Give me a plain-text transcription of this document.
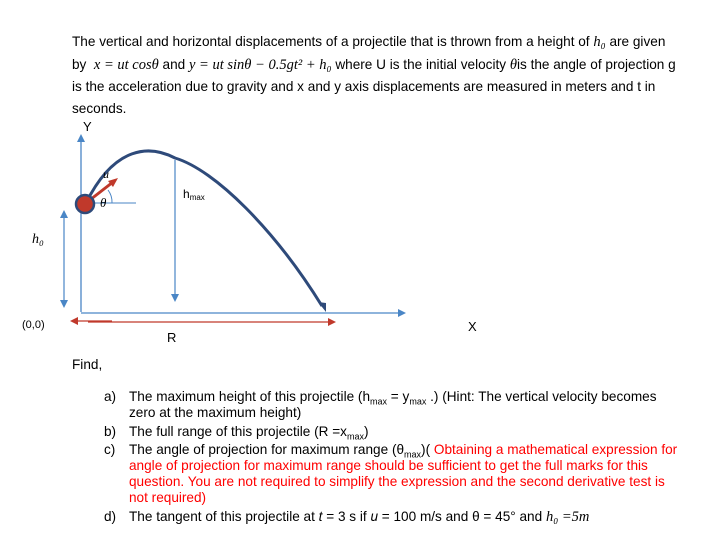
The vertical and horizontal displacements of a projectile that is thrown from a height of h₀ are given by x = ut cosθ and y = ut sinθ − 0.5gt² + h₀ where U is the initial velocity θis the angle of projection g is the acceleration due to gravity and x and y axis displacements are measured in meters and t in seconds.
Y
X
R
(0,0)
h₀
hmax
θ
u
Find,
a) The maximum height of this projectile ($h_{max} = y_{max}$ .) (Hint: The vertical velocity becomes zero at the maximum height)
b) The full range of this projectile $(R =x_{max})$
c) The angle of projection for maximum range $(\theta_{max})$( Obtaining a mathematical expression for angle of projection for maximum range should be sufficient to get the full marks for this question. You are not required to simplify the expression and the second derivative test is not required)
d) The tangent of this projectile at t = 3 s if u = 100 m/s and θ = 45° and h₀ =5m
